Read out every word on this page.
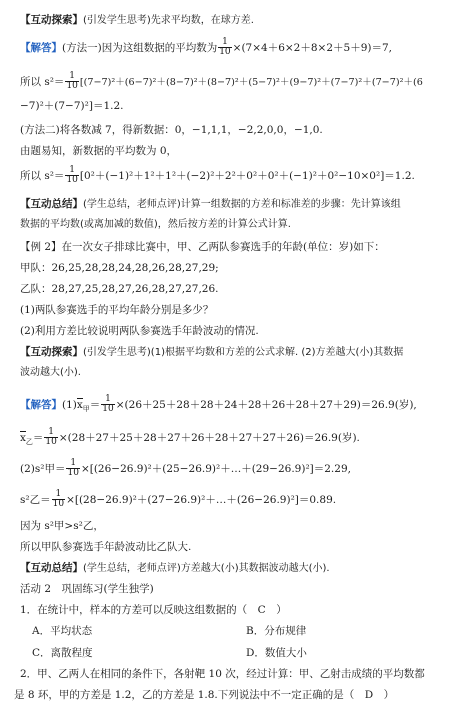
【互动探索】(引发学生思考)先求平均数，在球方差.
【解答】(方法一)因为这组数据的平均数为 $\frac{1}{10} \times(7\times 4+6\times 2+8\times 2+5+9)=7$,
所以 $s^2= \frac{1}{10} [(7-7)^2+(6-7)^2+(8-7)^2+(8-7)^2+(5-7)^2+(9-7)^2+(7-7)^2+(7-7)^2+(6$
−7)²＋(7−7)²]＝1.2.
(方法二)将各数减 7，得新数据：0，−1,1,1，−2,2,0,0，−1,0.
由题易知，新数据的平均数为 0，
所以 $s^2= \frac{1}{10} [0^2+(-1)^2+1^2+1^2+(-2)^2+2^2+0^2+0^2+(-1)^2+0^2-10\times 0^2]=1.2$.
【互动总结】(学生总结，老师点评)计算一组数据的方差和标准差的步骤：先计算该组
数据的平均数(或离加减的数值)，然后按方差的计算公式计算.
【例 2】在一次女子排球比赛中，甲、乙两队参赛选手的年龄(单位：岁)如下：
甲队：26,25,28,28,24,28,26,28,27,29;
乙队：28,27,25,28,27,26,28,27,27,26.
(1)两队参赛选手的平均年龄分别是多少？
(2)利用方差比较说明两队参赛选手年龄波动的情况.
【互动探索】(引发学生思考)(1)根据平均数和方差的公式求解. (2)方差越大(小)其数据
波动越大(小).
【解答】$(1)x_甲= \frac{1}{10} \times(26+25+28+28+24+28+26+28+27+29)=26.9$(岁),
$x_乙= \frac{1}{10} \times(28+27+25+28+27+26+28+27+27+26)=26.9$(岁).
(2)s²甲＝ $\frac{1}{10}$ ×[(26−26.9)²＋(25−26.9)²＋…＋(29−26.9)²]＝2.29,
s²乙＝ $\frac{1}{10}$ ×[(28−26.9)²＋(27−26.9)²＋…＋(26−26.9)²]＝0.89.
因为 s²甲>s²乙，
所以甲队参赛选手年龄波动比乙队大.
【互动总结】(学生总结，老师点评)方差越大(小)其数据波动越大(小).
活动 2　巩固练习(学生独学)
1．在统计中，样本的方差可以反映这组数据的（　C　）
A．平均状态	B．分布规律
C．离散程度	D．数值大小
2．甲、乙两人在相同的条件下，各射靶 10 次，经过计算：甲、乙射击成绩的平均数都
是 8 环，甲的方差是 1.2，乙的方差是 1.8.下列说法中不一定正确的是（　D　）
